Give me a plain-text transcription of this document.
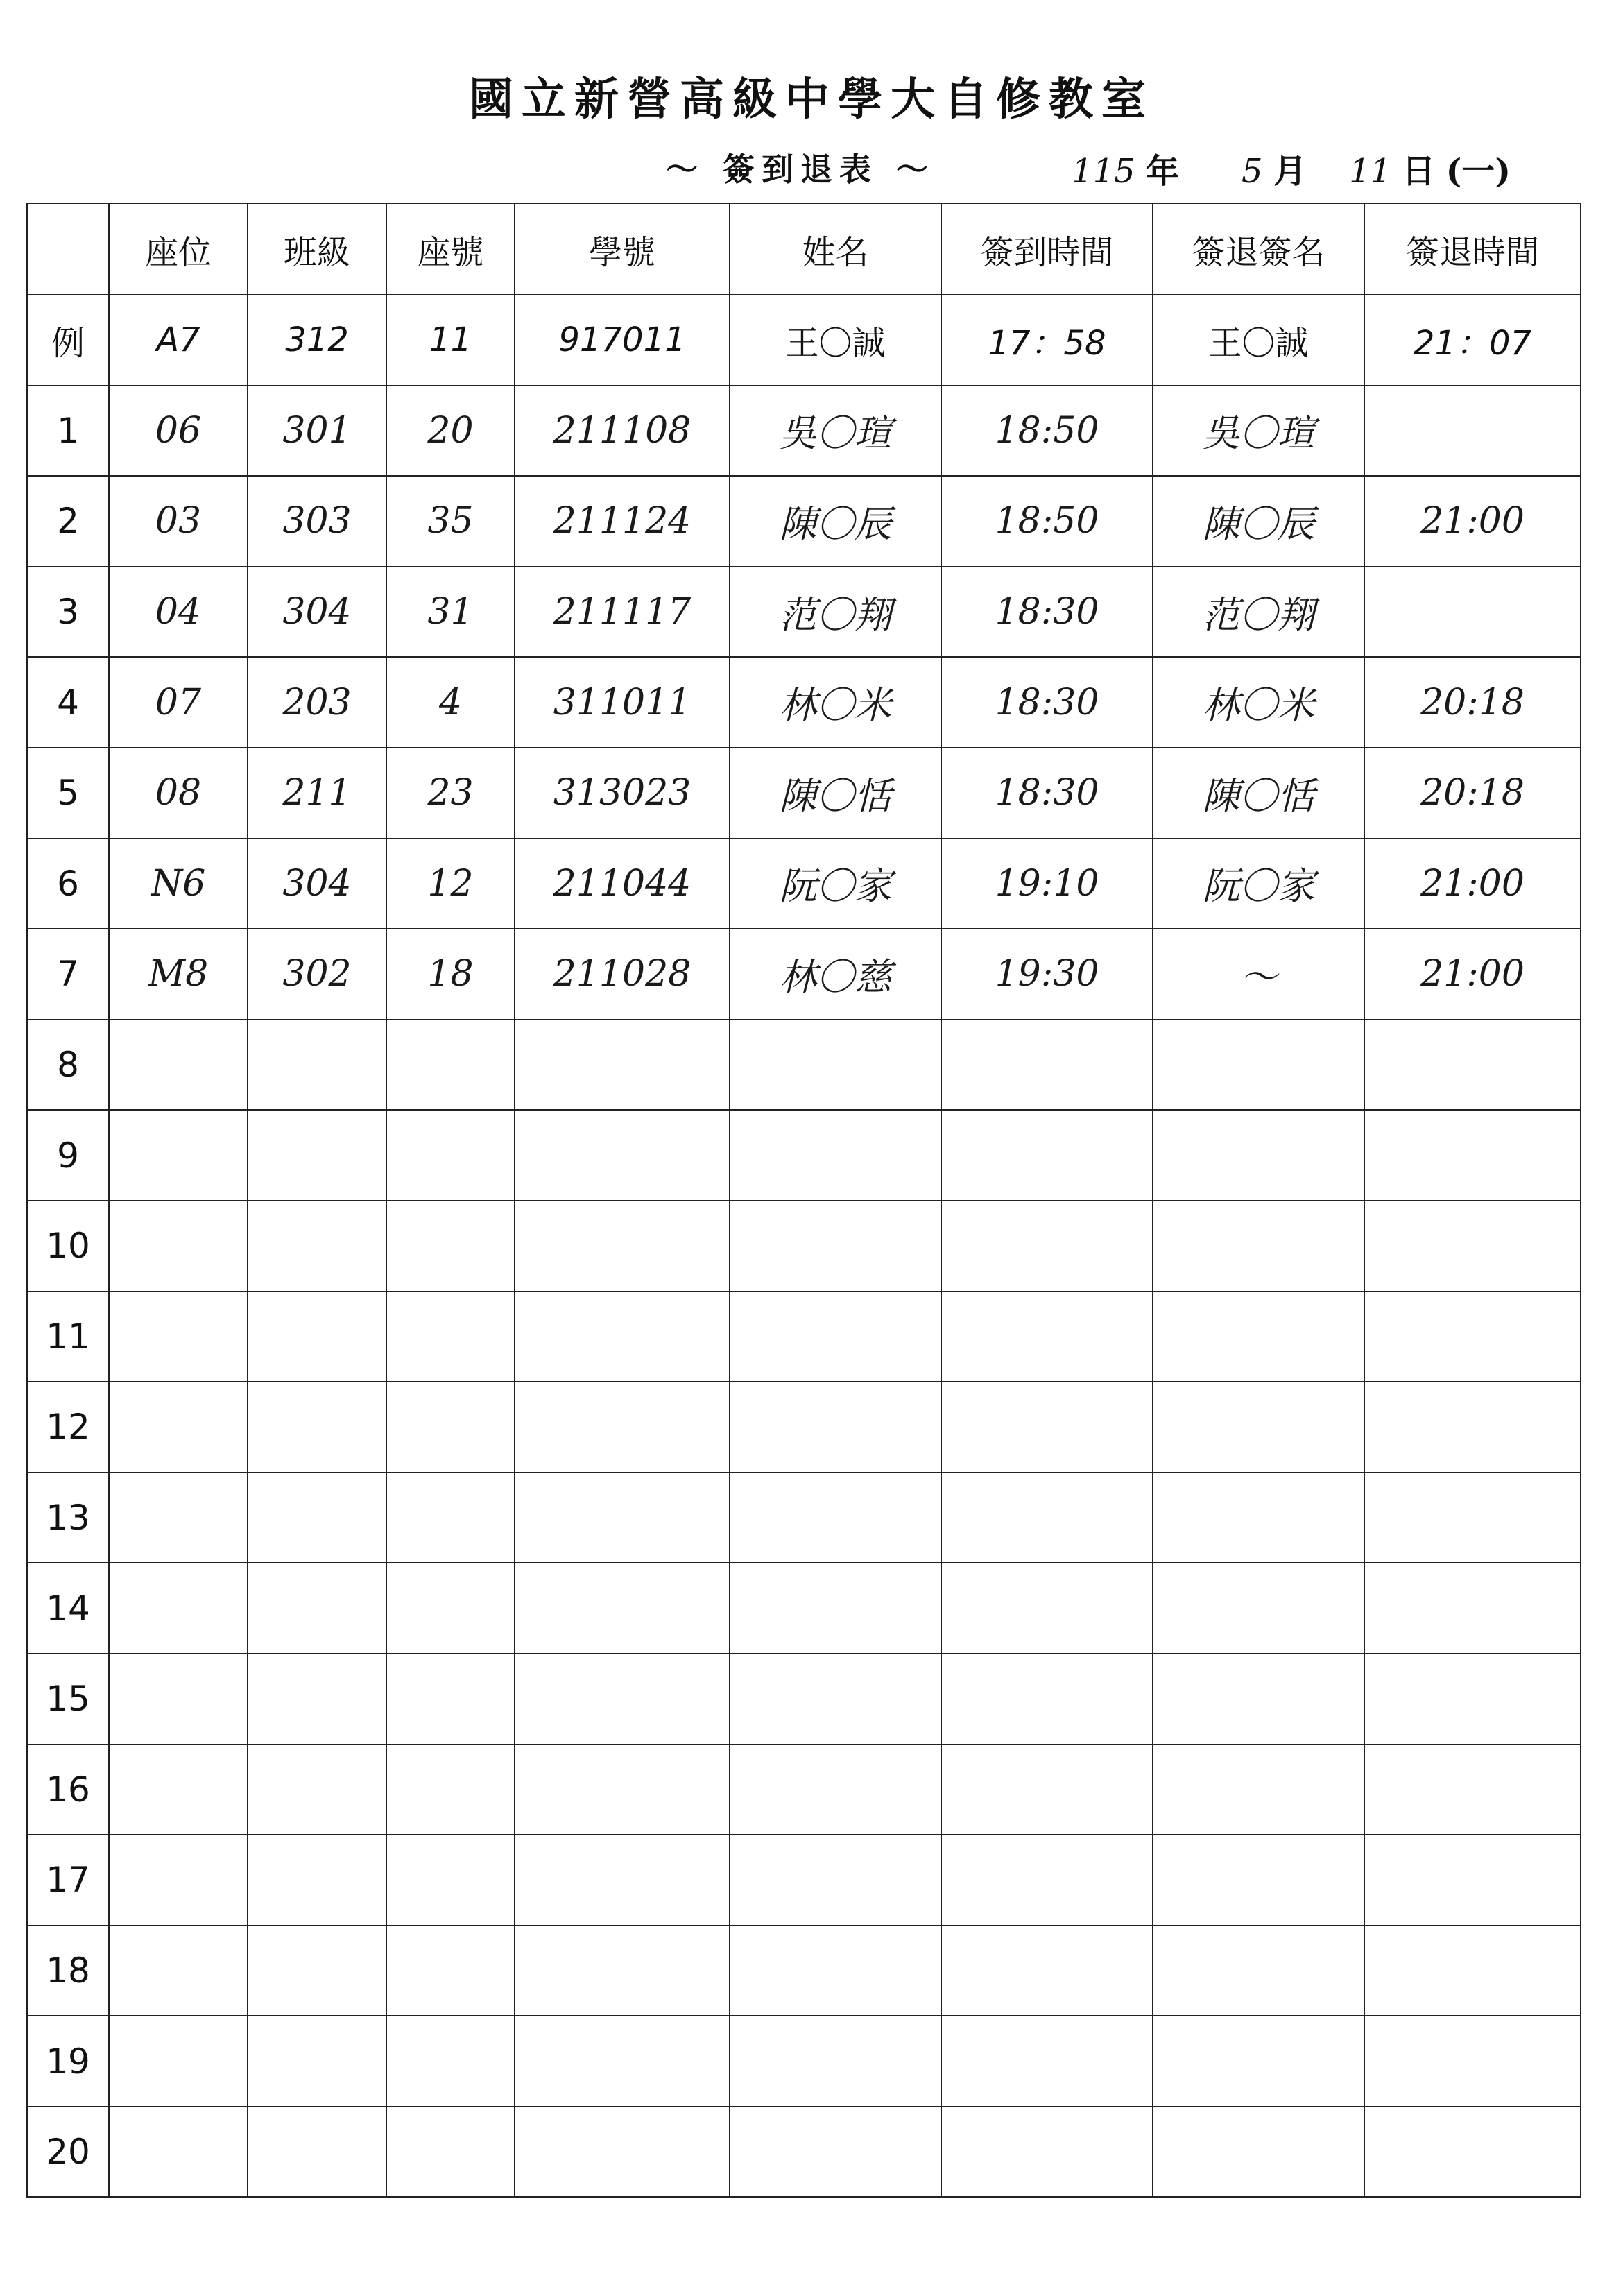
國立新營高級中學大自修教室
～ 簽到退表 ～	115 年 5 月 11 日 (一)
	座位	班級	座號	學號	姓名	簽到時間	簽退簽名	簽退時間
例	A7	312	11	917011	王〇誠	17：58	王〇誠	21：07
1	06	301	20	211108	吳〇瑄	18:50	吳〇瑄	
2	03	303	35	211124	陳〇辰	18:50	陳〇辰	21:00
3	04	304	31	211117	范〇翔	18:30	范〇翔	
4	07	203	4	311011	林〇米	18:30	林〇米	20:18
5	08	211	23	313023	陳〇恬	18:30	陳〇恬	20:18
6	N6	304	12	211044	阮〇家	19:10	阮〇家	21:00
7	M8	302	18	211028	林〇慈	19:30	～	21:00
8								
9								
10								
11								
12								
13								
14								
15								
16								
17								
18								
19								
20								
